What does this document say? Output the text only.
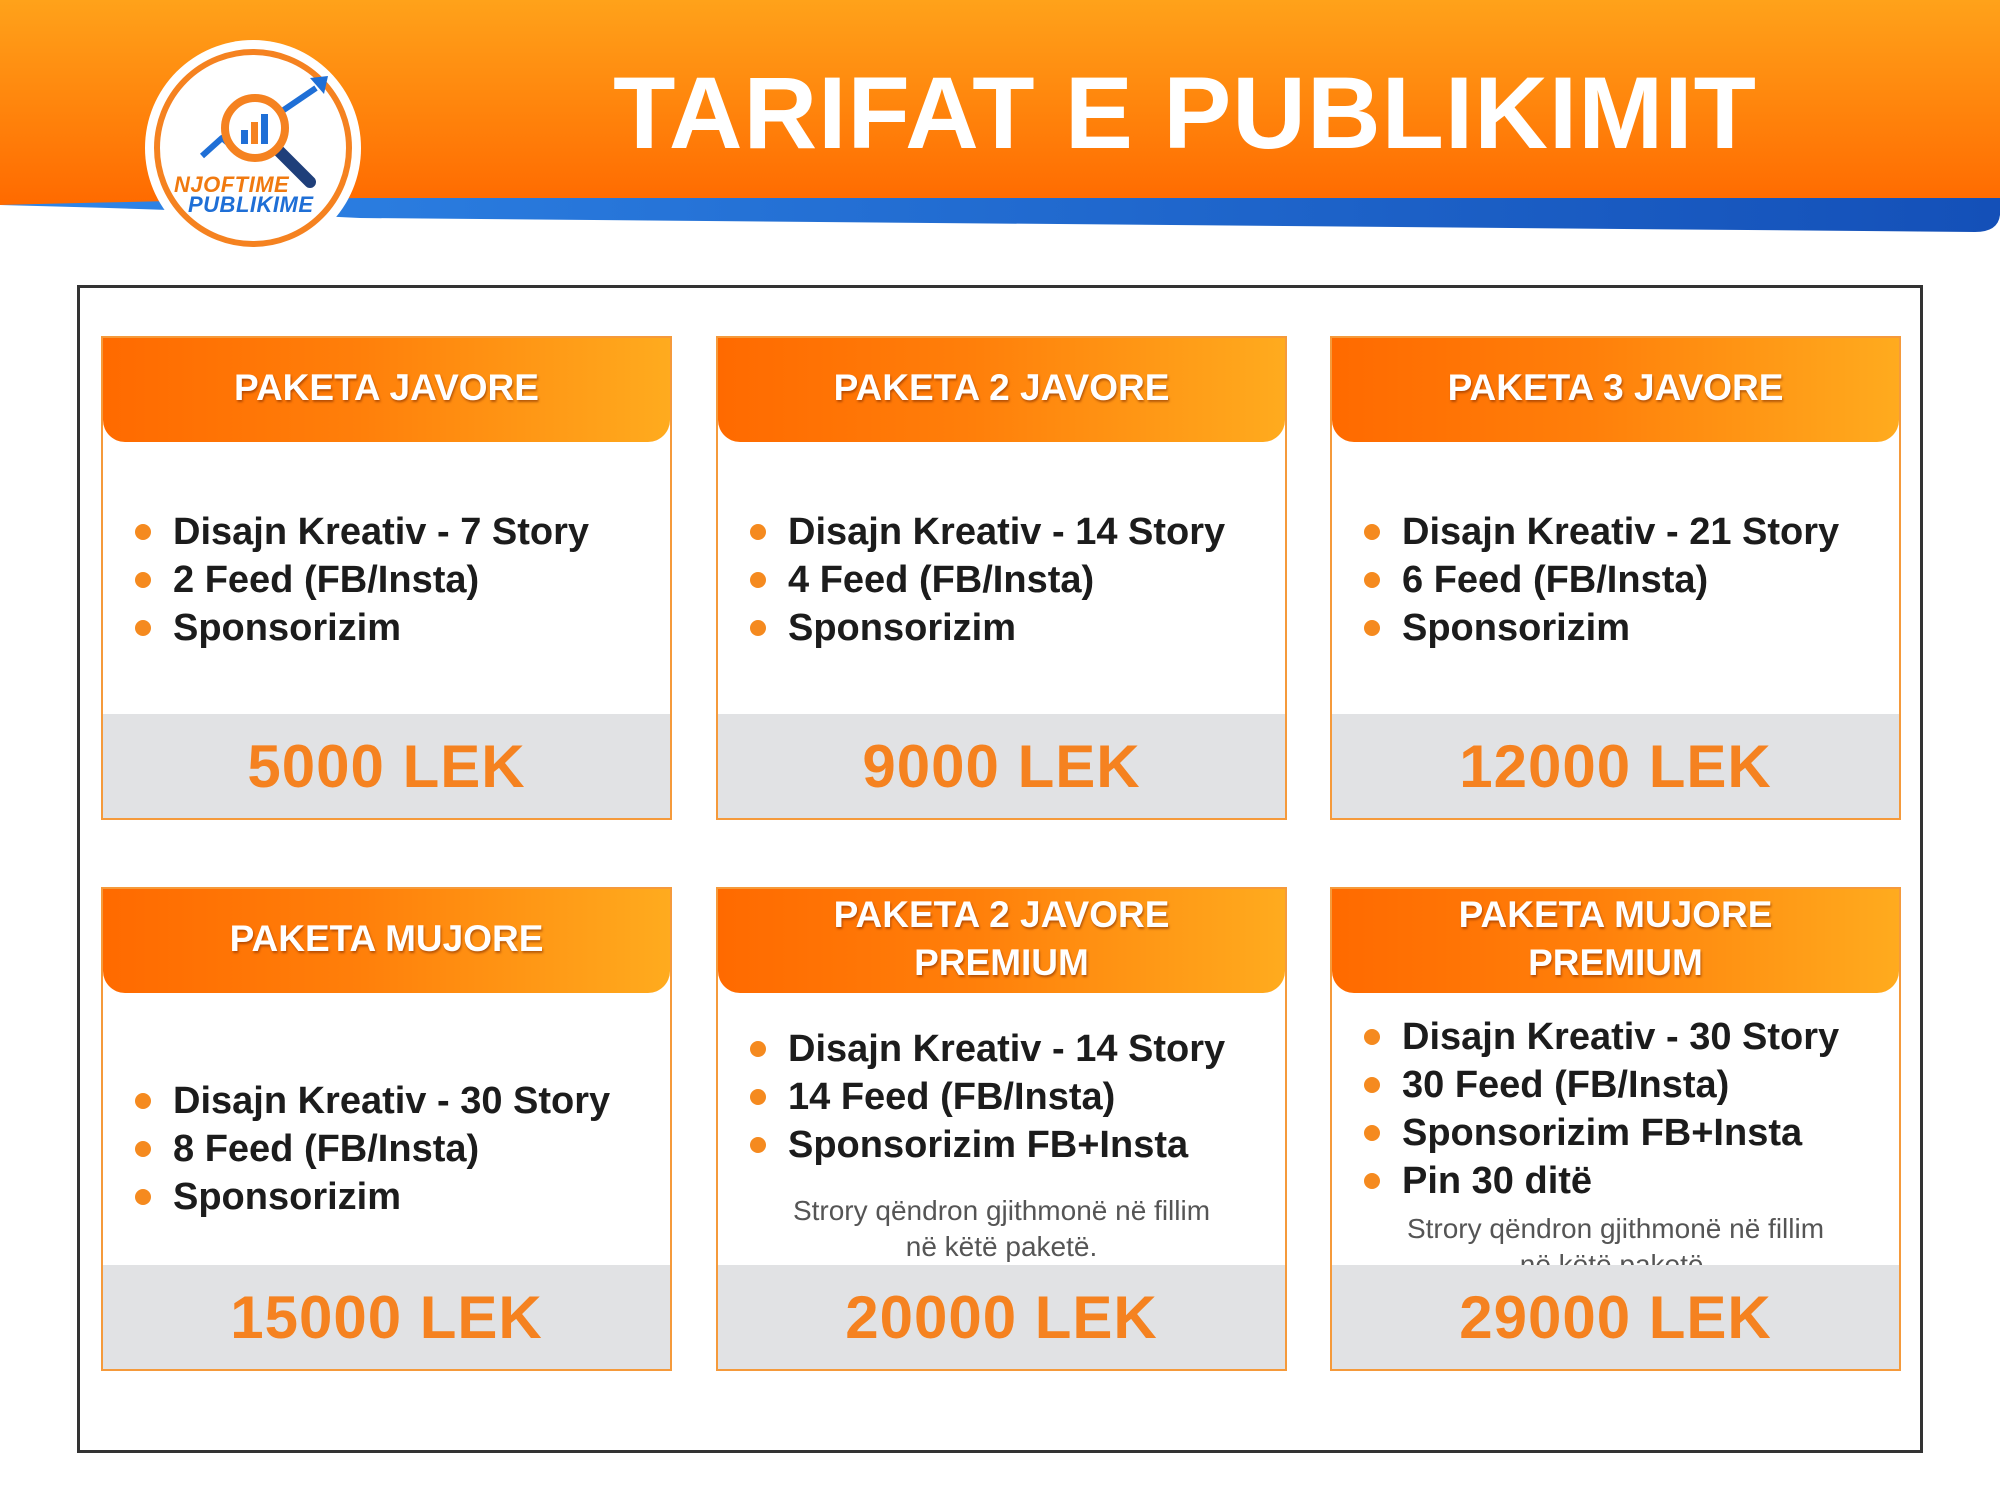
TARIFAT E PUBLIKIMIT
NJOFTIME
PUBLIKIME
PAKETA JAVORE
Disajn Kreativ - 7 Story
2 Feed (FB/Insta)
Sponsorizim
5000 LEK
PAKETA 2 JAVORE
Disajn Kreativ - 14 Story
4 Feed (FB/Insta)
Sponsorizim
9000 LEK
PAKETA 3 JAVORE
Disajn Kreativ - 21 Story
6 Feed (FB/Insta)
Sponsorizim
12000 LEK
PAKETA MUJORE
Disajn Kreativ - 30 Story
8 Feed (FB/Insta)
Sponsorizim
15000 LEK
PAKETA 2 JAVORE
PREMIUM
Disajn Kreativ - 14 Story
14 Feed (FB/Insta)
Sponsorizim FB+Insta
Strory qëndron gjithmonë në fillim
në këtë paketë.
20000 LEK
PAKETA MUJORE
PREMIUM
Disajn Kreativ - 30 Story
30 Feed (FB/Insta)
Sponsorizim FB+Insta
Pin 30 ditë
Strory qëndron gjithmonë në fillim
29000 LEK
